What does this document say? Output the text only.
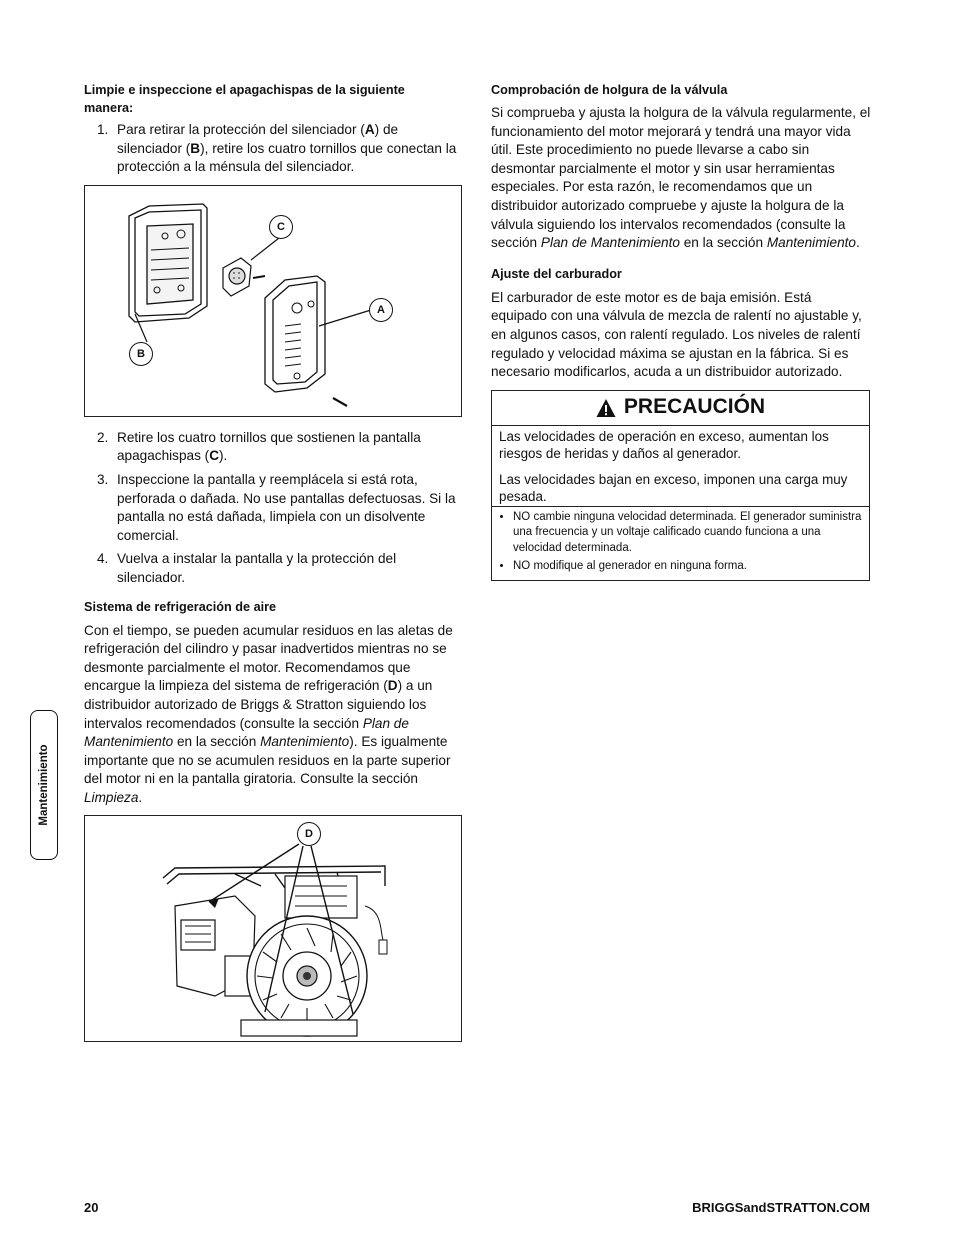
Limpie e inspeccione el apagachispas de la siguiente manera:

1. Para retirar la protección del silenciador (A) de silenciador (B), retire los cuatro tornillos que conectan la protección a la ménsula del silenciador.
C
A
B
2. Retire los cuatro tornillos que sostienen la pantalla apagachispas (C).
3. Inspeccione la pantalla y reemplácela si está rota, perforada o dañada. No use pantallas defectuosas. Si la pantalla no está dañada, limpiela con un disolvente comercial.
4. Vuelva a instalar la pantalla y la protección del silenciador.

Sistema de refrigeración de aire

Con el tiempo, se pueden acumular residuos en las aletas de refrigeración del cilindro y pasar inadvertidos mientras no se desmonte parcialmente el motor. Recomendamos que encargue la limpieza del sistema de refrigeración (D) a un distribuidor autorizado de Briggs & Stratton siguiendo los intervalos recomendados (consulte la sección Plan de Mantenimiento en la sección Mantenimiento). Es igualmente importante que no se acumulen residuos en la parte superior del motor ni en la pantalla giratoria. Consulte la sección Limpieza.

D

Comprobación de holgura de la válvula

Si comprueba y ajusta la holgura de la válvula regularmente, el funcionamiento del motor mejorará y tendrá una mayor vida útil. Este procedimiento no puede llevarse a cabo sin desmontar parcialmente el motor y sin usar herramientas especiales. Por esta razón, le recomendamos que un distribuidor autorizado compruebe y ajuste la holgura de la válvula siguiendo los intervalos recomendados (consulte la sección Plan de Mantenimiento en la sección Mantenimiento.

Ajuste del carburador

El carburador de este motor es de baja emisión. Está equipado con una válvula de mezcla de ralentí no ajustable y, en algunos casos, con ralentí regulado. Los niveles de ralentí regulado y velocidad máxima se ajustan en la fábrica. Si es necesario modificarlos, acuda a un distribuidor autorizado.

PRECAUCIÓN

Las velocidades de operación en exceso, aumentan los riesgos de heridas y daños al generador.

Las velocidades bajan en exceso, imponen una carga muy pesada.

• NO cambie ninguna velocidad determinada. El generador suministra una frecuencia y un voltaje calificado cuando funciona a una velocidad determinada.
• NO modifique al generador en ninguna forma.
Mantenimiento
20	BRIGGSandSTRATTON.COM
